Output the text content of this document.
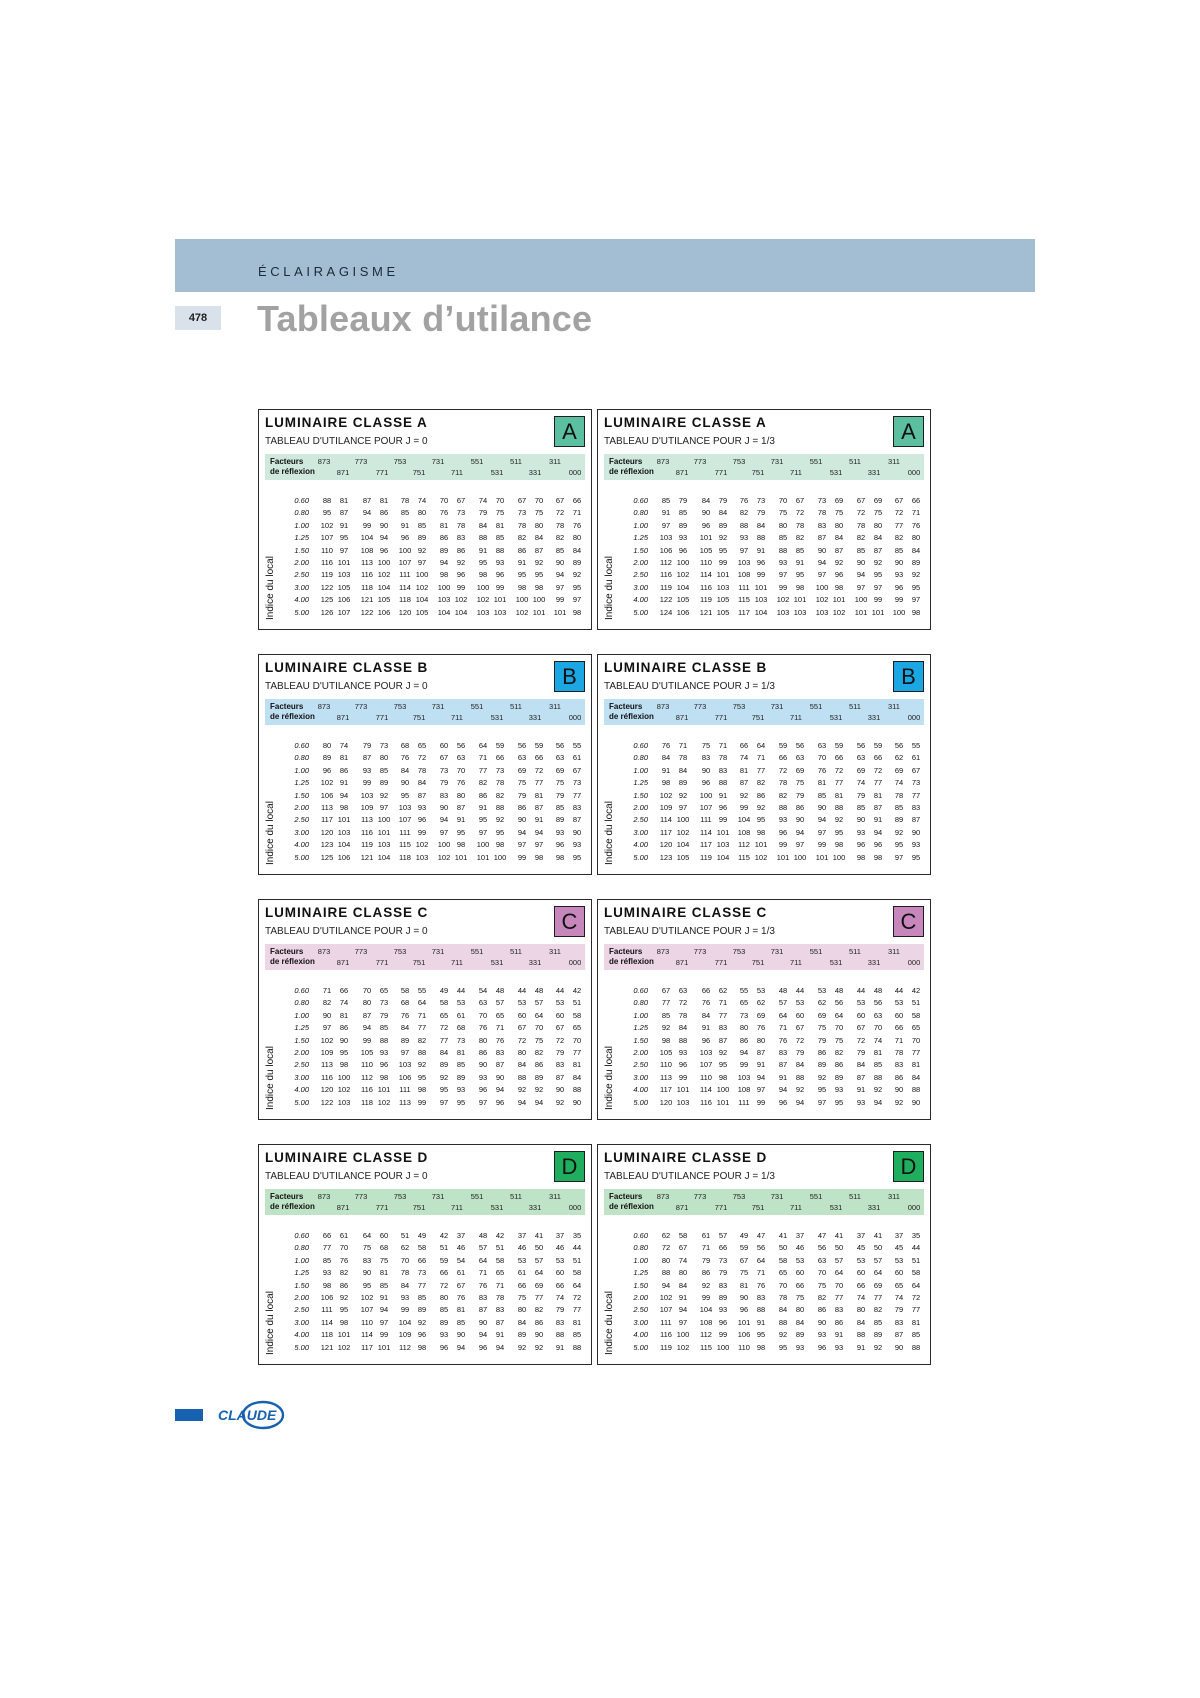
ÉCLAIRAGISME
478	Tableaux d’utilance
LUMINAIRE CLASSE A
TABLEAU D'UTILANCE POUR J = 0	A
Facteurs
de réflexion
873	773	753	731	551	511	311
871	771	751	711	531	331	000
Indice du local
0.60	88	81	87	81	78	74	70	67	74	70	67	70	67	66
0.80	95	87	94	86	85	80	76	73	79	75	73	75	72	71
1.00	102 91	99	90	91	85	81	78	84	81	78	80	78	76
1.25	107 95	104 94	96	89	86	83	88	85	82	84	82	80
1.50	110 97	108 96	100 92	89	86	91	88	86	87	85	84
2.00	116 101	113 100	107 97	94	92	95	93	91	92	90	89
2.50	119 103	116 102	111 100	98	96	98	96	95	95	94	92
3.00	122 105	118 104	114 102	100 99	100 99	98	98	97	95
4.00	125 106	121 105	118 104	103 102	102 101	100 100	99	97
5.00	126 107	122 106	120 105	104 104	103 103	102 101	101 98
LUMINAIRE CLASSE A
TABLEAU D'UTILANCE POUR J = 1/3	A
Facteurs
de réflexion
873	773	753	731	551	511	311
871	771	751	711	531	331	000
Indice du local
0.60	85	79	84	79	76	73	70	67	73	69	67	69	67	66
0.80	91	85	90	84	82	79	75	72	78	75	72	75	72	71
1.00	97	89	96	89	88	84	80	78	83	80	78	80	77	76
1.25	103 93	101 92	93	88	85	82	87	84	82	84	82	80
1.50	106 96	105 95	97	91	88	85	90	87	85	87	85	84
2.00	112 100	110 99	103 96	93	91	94	92	90	92	90	89
2.50	116 102	114 101	108 99	97	95	97	96	94	95	93	92
3.00	119 104	116 103	111 101	99	98	100 98	97	97	96	95
4.00	122 105	119 105	115 103	102 101	102 101	100 99	99	97
5.00	124 106	121 105	117 104	103 103	103 102	101 101	100 98
LUMINAIRE CLASSE B
TABLEAU D'UTILANCE POUR J = 0	B
Facteurs
de réflexion
873	773	753	731	551	511	311
871	771	751	711	531	331	000
Indice du local
0.60	80	74	79	73	68	65	60	56	64	59	56	59	56	55
0.80	89	81	87	80	76	72	67	63	71	66	63	66	63	61
1.00	96	86	93	85	84	78	73	70	77	73	69	72	69	67
1.25	102 91	99	89	90	84	79	76	82	78	75	77	75	73
1.50	106 94	103 92	95	87	83	80	86	82	79	81	79	77
2.00	113 98	109 97	103 93	90	87	91	88	86	87	85	83
2.50	117 101	113 100	107 96	94	91	95	92	90	91	89	87
3.00	120 103	116 101	111 99	97	95	97	95	94	94	93	90
4.00	123 104	119 103	115 102	100 98	100 98	97	97	96	93
5.00	125 106	121 104	118 103	102 101	101 100	99	98	98	95
LUMINAIRE CLASSE B
TABLEAU D'UTILANCE POUR J = 1/3	B
Facteurs
de réflexion
873	773	753	731	551	511	311
871	771	751	711	531	331	000
Indice du local
0.60	76	71	75	71	66	64	59	56	63	59	56	59	56	55
0.80	84	78	83	78	74	71	66	63	70	66	63	66	62	61
1.00	91	84	90	83	81	77	72	69	76	72	69	72	69	67
1.25	98	89	96	88	87	82	78	75	81	77	74	77	74	73
1.50	102 92	100 91	92	86	82	79	85	81	79	81	78	77
2.00	109 97	107 96	99	92	88	86	90	88	85	87	85	83
2.50	114 100	111 99	104 95	93	90	94	92	90	91	89	87
3.00	117 102	114 101	108 98	96	94	97	95	93	94	92	90
4.00	120 104	117 103	112 101	99	97	99	98	96	96	95	93
5.00	123 105	119 104	115 102	101 100	101 100	98	98	97	95
LUMINAIRE CLASSE C
TABLEAU D'UTILANCE POUR J = 0	C
Facteurs
de réflexion
873	773	753	731	551	511	311
871	771	751	711	531	331	000
Indice du local
0.60	71	66	70	65	58	55	49	44	54	48	44	48	44	42
0.80	82	74	80	73	68	64	58	53	63	57	53	57	53	51
1.00	90	81	87	79	76	71	65	61	70	65	60	64	60	58
1.25	97	86	94	85	84	77	72	68	76	71	67	70	67	65
1.50	102 90	99	88	89	82	77	73	80	76	72	75	72	70
2.00	109 95	105 93	97	88	84	81	86	83	80	82	79	77
2.50	113 98	110 96	103 92	89	85	90	87	84	86	83	81
3.00	116 100	112 98	106 95	92	89	93	90	88	89	87	84
4.00	120 102	116 101	111 98	95	93	96	94	92	92	90	88
5.00	122 103	118 102	113 99	97	95	97	96	94	94	92	90
LUMINAIRE CLASSE C
TABLEAU D'UTILANCE POUR J = 1/3	C
Facteurs
de réflexion
873	773	753	731	551	511	311
871	771	751	711	531	331	000
Indice du local
0.60	67	63	66	62	55	53	48	44	53	48	44	48	44	42
0.80	77	72	76	71	65	62	57	53	62	56	53	56	53	51
1.00	85	78	84	77	73	69	64	60	69	64	60	63	60	58
1.25	92	84	91	83	80	76	71	67	75	70	67	70	66	65
1.50	98	88	96	87	86	80	76	72	79	75	72	74	71	70
2.00	105 93	103 92	94	87	83	79	86	82	79	81	78	77
2.50	110 96	107 95	99	91	87	84	89	86	84	85	83	81
3.00	113 99	110 98	103 94	91	88	92	89	87	88	86	84
4.00	117 101	114 100	108 97	94	92	95	93	91	92	90	88
5.00	120 103	116 101	111 99	96	94	97	95	93	94	92	90
LUMINAIRE CLASSE D
TABLEAU D'UTILANCE POUR J = 0	D
Facteurs
de réflexion
873	773	753	731	551	511	311
871	771	751	711	531	331	000
Indice du local
0.60	66	61	64	60	51	49	42	37	48	42	37	41	37	35
0.80	77	70	75	68	62	58	51	46	57	51	46	50	46	44
1.00	85	76	83	75	70	66	59	54	64	58	53	57	53	51
1.25	93	82	90	81	78	73	66	61	71	65	61	64	60	58
1.50	98	86	95	85	84	77	72	67	76	71	66	69	66	64
2.00	106 92	102 91	93	85	80	76	83	78	75	77	74	72
2.50	111 95	107 94	99	89	85	81	87	83	80	82	79	77
3.00	114 98	110 97	104 92	89	85	90	87	84	86	83	81
4.00	118 101	114 99	109 96	93	90	94	91	89	90	88	85
5.00	121 102	117 101	112 98	96	94	96	94	92	92	91	88
LUMINAIRE CLASSE D
TABLEAU D'UTILANCE POUR J = 1/3	D
Facteurs
de réflexion
873	773	753	731	551	511	311
871	771	751	711	531	331	000
Indice du local
0.60	62	58	61	57	49	47	41	37	47	41	37	41	37	35
0.80	72	67	71	66	59	56	50	46	56	50	45	50	45	44
1.00	80	74	79	73	67	64	58	53	63	57	53	57	53	51
1.25	88	80	86	79	75	71	65	60	70	64	60	64	60	58
1.50	94	84	92	83	81	76	70	66	75	70	66	69	65	64
2.00	102 91	99	89	90	83	78	75	82	77	74	77	74	72
2.50	107 94	104 93	96	88	84	80	86	83	80	82	79	77
3.00	111 97	108 96	101 91	88	84	90	86	84	85	83	81
4.00	116 100	112 99	106 95	92	89	93	91	88	89	87	85
5.00	119 102	115 100	110 98	95	93	96	93	91	92	90	88
CLAUDE
